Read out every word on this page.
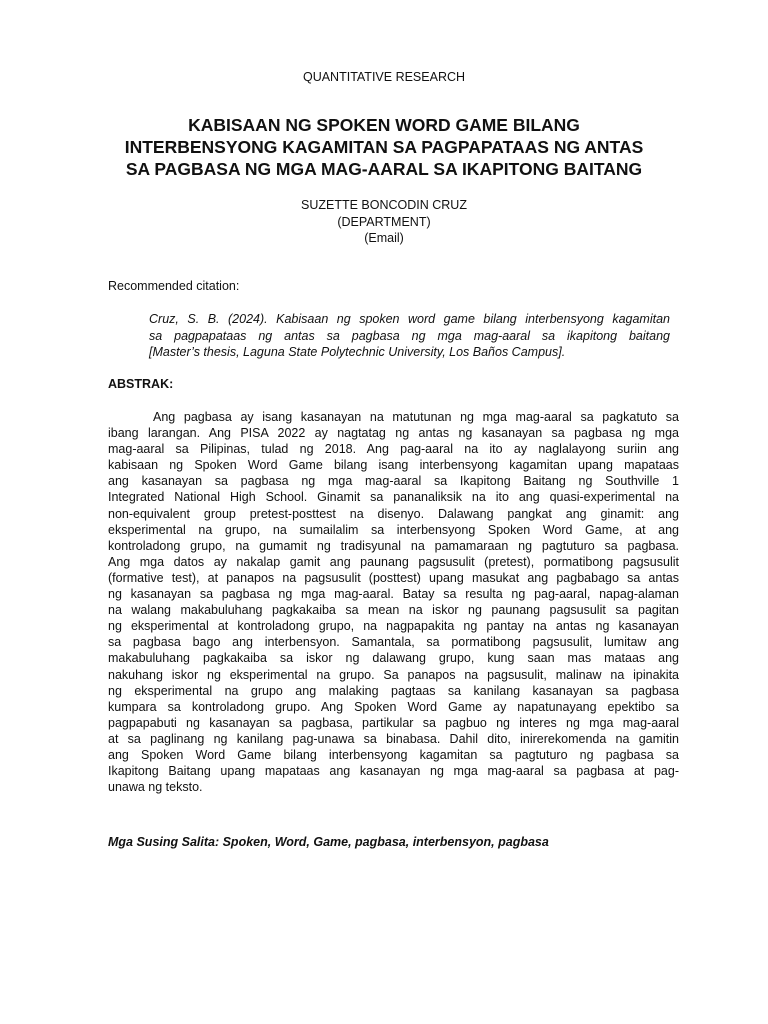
QUANTITATIVE RESEARCH
KABISAAN NG SPOKEN WORD GAME BILANG
INTERBENSYONG KAGAMITAN SA PAGPAPATAAS NG ANTAS
SA PAGBASA NG MGA MAG-AARAL SA IKAPITONG BAITANG
SUZETTE BONCODIN CRUZ
(DEPARTMENT)
(Email)
Recommended citation:
Cruz, S. B. (2024). Kabisaan ng spoken word game bilang interbensyong kagamitan
sa pagpapataas ng antas sa pagbasa ng mga mag-aaral sa ikapitong baitang
[Master’s thesis, Laguna State Polytechnic University, Los Baños Campus].
ABSTRAK:
Ang pagbasa ay isang kasanayan na matutunan ng mga mag-aaral sa pagkatuto sa
ibang larangan. Ang PISA 2022 ay nagtatag ng antas ng kasanayan sa pagbasa ng mga
mag-aaral sa Pilipinas, tulad ng 2018. Ang pag-aaral na ito ay naglalayong suriin ang
kabisaan ng Spoken Word Game bilang isang interbensyong kagamitan upang mapataas
ang kasanayan sa pagbasa ng mga mag-aaral sa Ikapitong Baitang ng Southville 1
Integrated National High School. Ginamit sa pananaliksik na ito ang quasi-experimental na
non-equivalent group pretest-posttest na disenyo. Dalawang pangkat ang ginamit: ang
eksperimental na grupo, na sumailalim sa interbensyong Spoken Word Game, at ang
kontroladong grupo, na gumamit ng tradisyunal na pamamaraan ng pagtuturo sa pagbasa.
Ang mga datos ay nakalap gamit ang paunang pagsusulit (pretest), pormatibong pagsusulit
(formative test), at panapos na pagsusulit (posttest) upang masukat ang pagbabago sa antas
ng kasanayan sa pagbasa ng mga mag-aaral. Batay sa resulta ng pag-aaral, napag-alaman
na walang makabuluhang pagkakaiba sa mean na iskor ng paunang pagsusulit sa pagitan
ng eksperimental at kontroladong grupo, na nagpapakita ng pantay na antas ng kasanayan
sa pagbasa bago ang interbensyon. Samantala, sa pormatibong pagsusulit, lumitaw ang
makabuluhang pagkakaiba sa iskor ng dalawang grupo, kung saan mas mataas ang
nakuhang iskor ng eksperimental na grupo. Sa panapos na pagsusulit, malinaw na ipinakita
ng eksperimental na grupo ang malaking pagtaas sa kanilang kasanayan sa pagbasa
kumpara sa kontroladong grupo. Ang Spoken Word Game ay napatunayang epektibo sa
pagpapabuti ng kasanayan sa pagbasa, partikular sa pagbuo ng interes ng mga mag-aaral
at sa paglinang ng kanilang pag-unawa sa binabasa. Dahil dito, inirerekomenda na gamitin
ang Spoken Word Game bilang interbensyong kagamitan sa pagtuturo ng pagbasa sa
Ikapitong Baitang upang mapataas ang kasanayan ng mga mag-aaral sa pagbasa at pag-
unawa ng teksto.
Mga Susing Salita: Spoken, Word, Game, pagbasa, interbensyon, pagbasa
